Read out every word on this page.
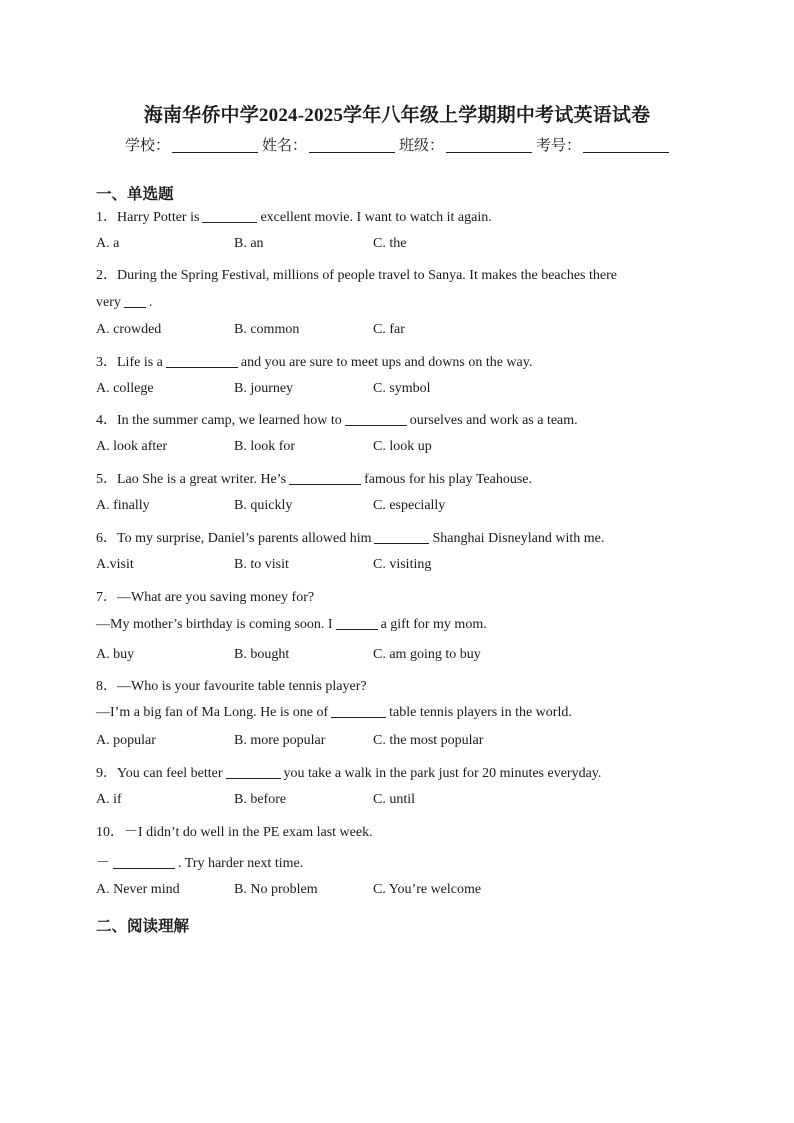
海南华侨中学2024-2025学年八年级上学期期中考试英语试卷
学校：	姓名：	班级：	考号：
一、单选题
1．Harry Potter is	excellent movie. I want to watch it again.
A. a	B. an	C. the
2．During the Spring Festival, millions of people travel to Sanya. It makes the beaches there
very .
A. crowded	B. common	C. far
3．Life is a	and you are sure to meet ups and downs on the way.
A. college	B. journey	C. symbol
4．In the summer camp, we learned how to	ourselves and work as a team.
A. look after	B. look for	C. look up
5．Lao She is a great writer. He’s	famous for his play Teahouse.
A. finally	B. quickly	C. especially
6．To my surprise, Daniel’s parents allowed him	Shanghai Disneyland with me.
A.visit	B. to visit	C. visiting
7．—What are you saving money for?
—My mother’s birthday is coming soon. I	a gift for my mom.
A. buy	B. bought	C. am going to buy
8．—Who is your favourite table tennis player?
—I’m a big fan of Ma Long. He is one of	table tennis players in the world.
A. popular	B. more popular	C. the most popular
9．You can feel better	you take a walk in the park just for 20 minutes everyday.
A. if	B. before	C. until
10．－I didn’t do well in the PE exam last week.
－	. Try harder next time.
A. Never mind	B. No problem	C. You’re welcome
二、阅读理解
